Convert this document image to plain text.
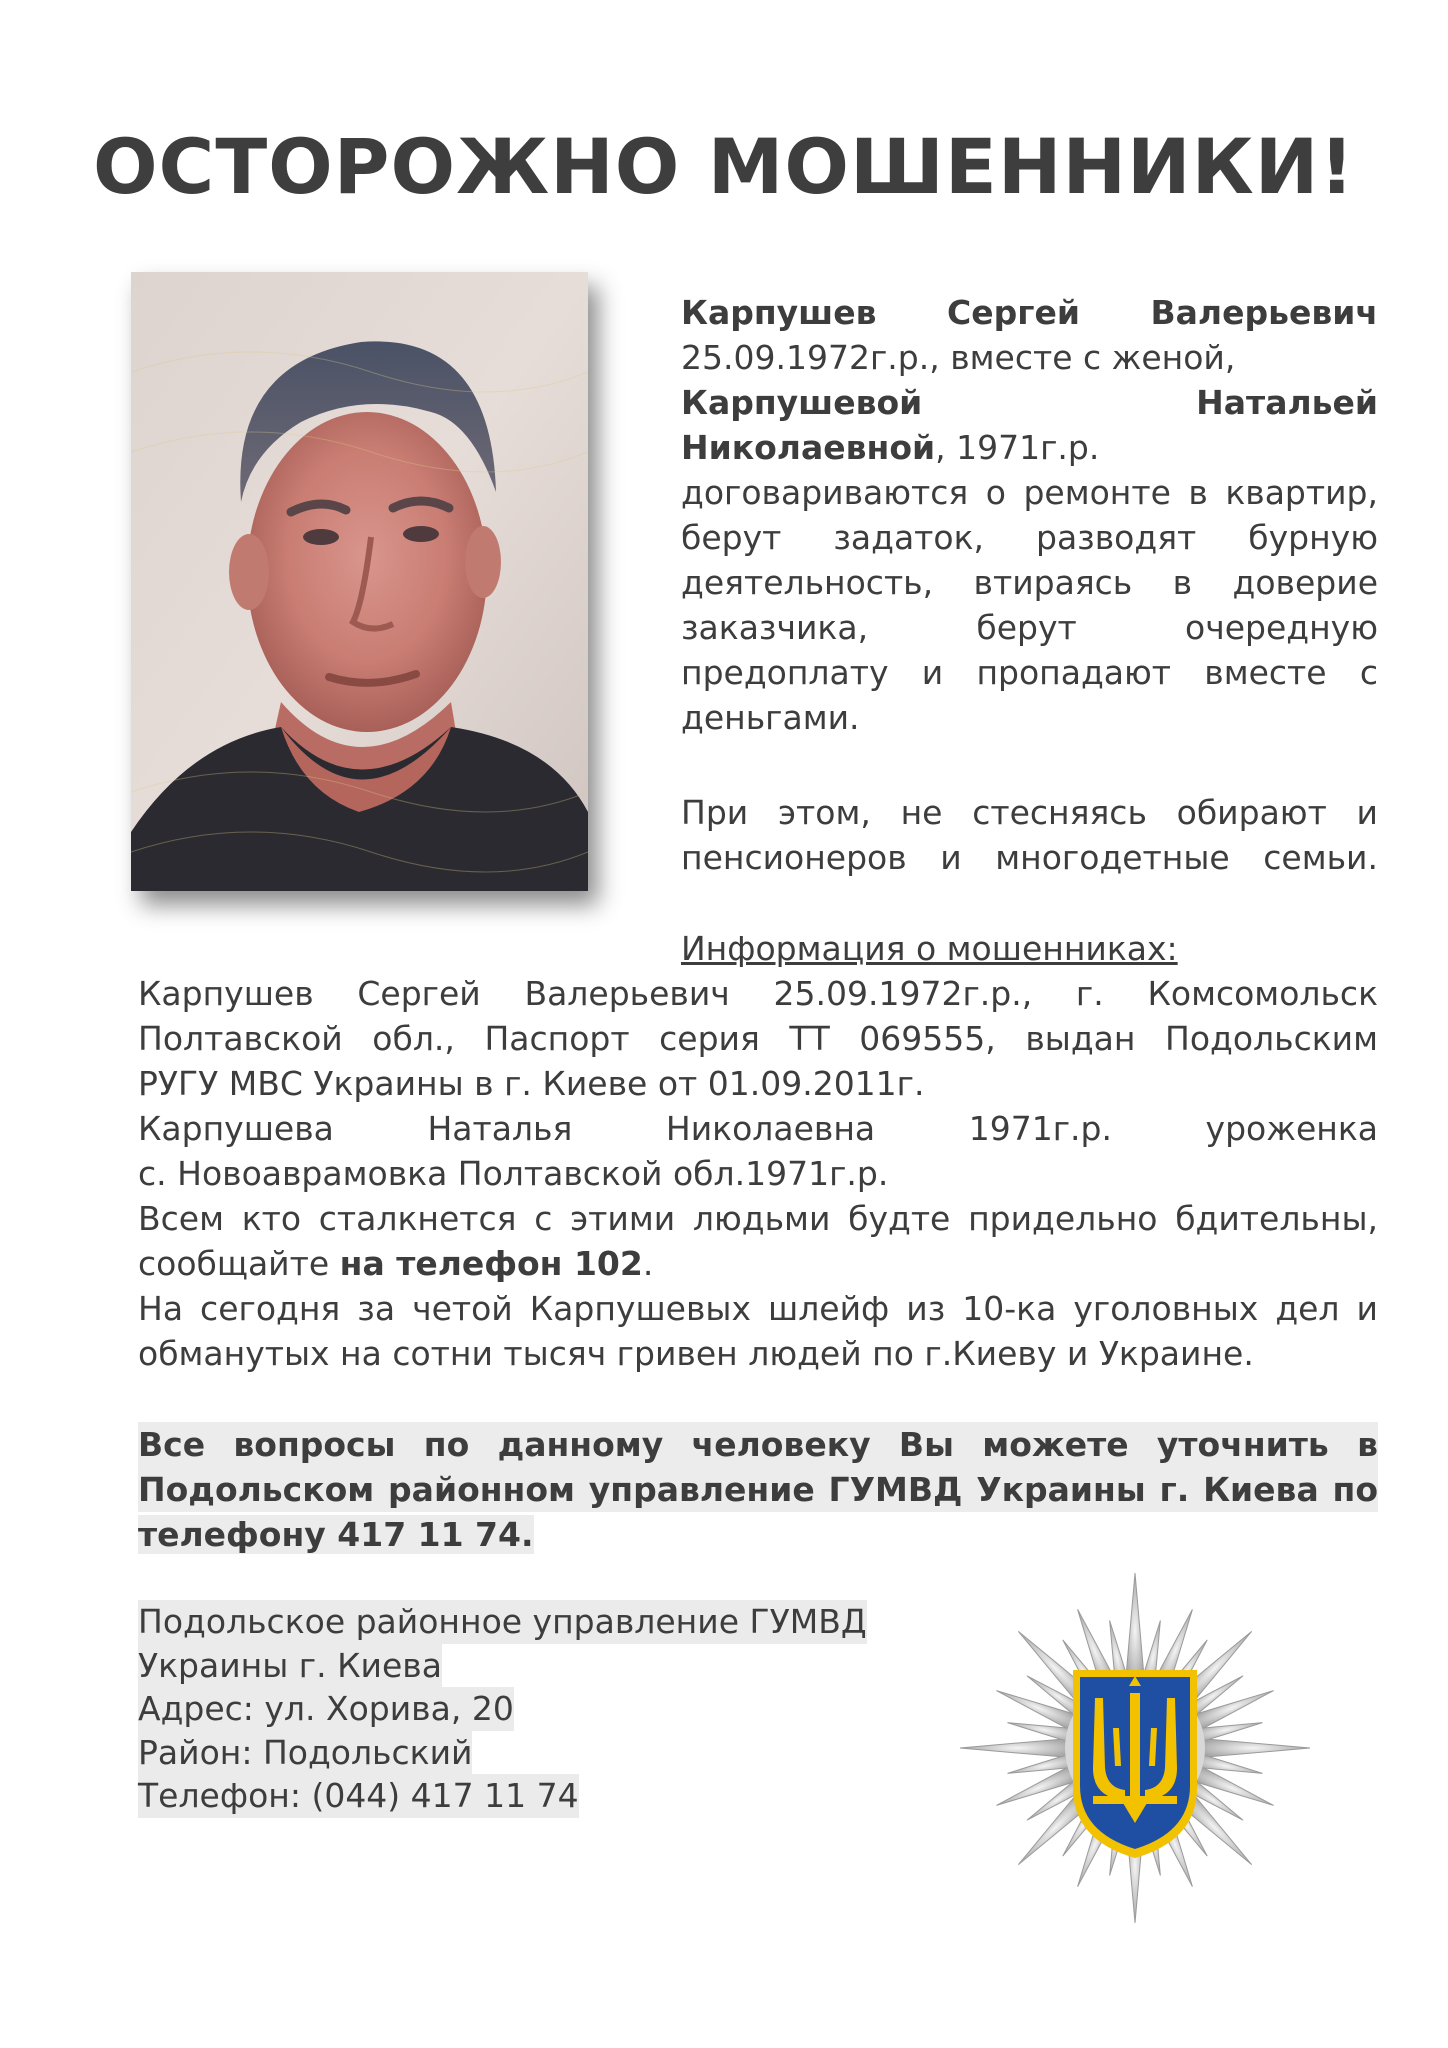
ОСТОРОЖНО МОШЕННИКИ!
Карпушев Сергей Валерьевич
25.09.1972г.р., вместе с женой,
Карпушевой Натальей
Николаевной, 1971г.р.
договариваются о ремонте в квартир,
берут задаток, разводят бурную
деятельность, втираясь в доверие
заказчика, берут очередную
предоплату и пропадают вместе с
деньгами.
При этом, не стесняясь обирают и
пенсионеров и многодетные семьи.
Информация о мошенниках:
Карпушев Сергей Валерьевич 25.09.1972г.р., г. Комсомольск
Полтавской обл., Паспорт серия ТТ 069555, выдан Подольским
РУГУ МВС Украины в г. Киеве от 01.09.2011г.
Карпушева Наталья Николаевна 1971г.р. уроженка
с. Новоаврамовка Полтавской обл.1971г.р.
Всем кто сталкнется с этими людьми будте придельно бдительны,
сообщайте на телефон 102.
На сегодня за четой Карпушевых шлейф из 10-ка уголовных дел и
обманутых на сотни тысяч гривен людей по г.Киеву и Украине.
Все вопросы по данному человеку Вы можете уточнить в
Подольском районном управление ГУМВД Украины г. Киева по
телефону 417 11 74.
Подольское районное управление ГУМВД
Украины г. Киева
Адрес: ул. Хорива, 20
Район: Подольский
Телефон: (044) 417 11 74
